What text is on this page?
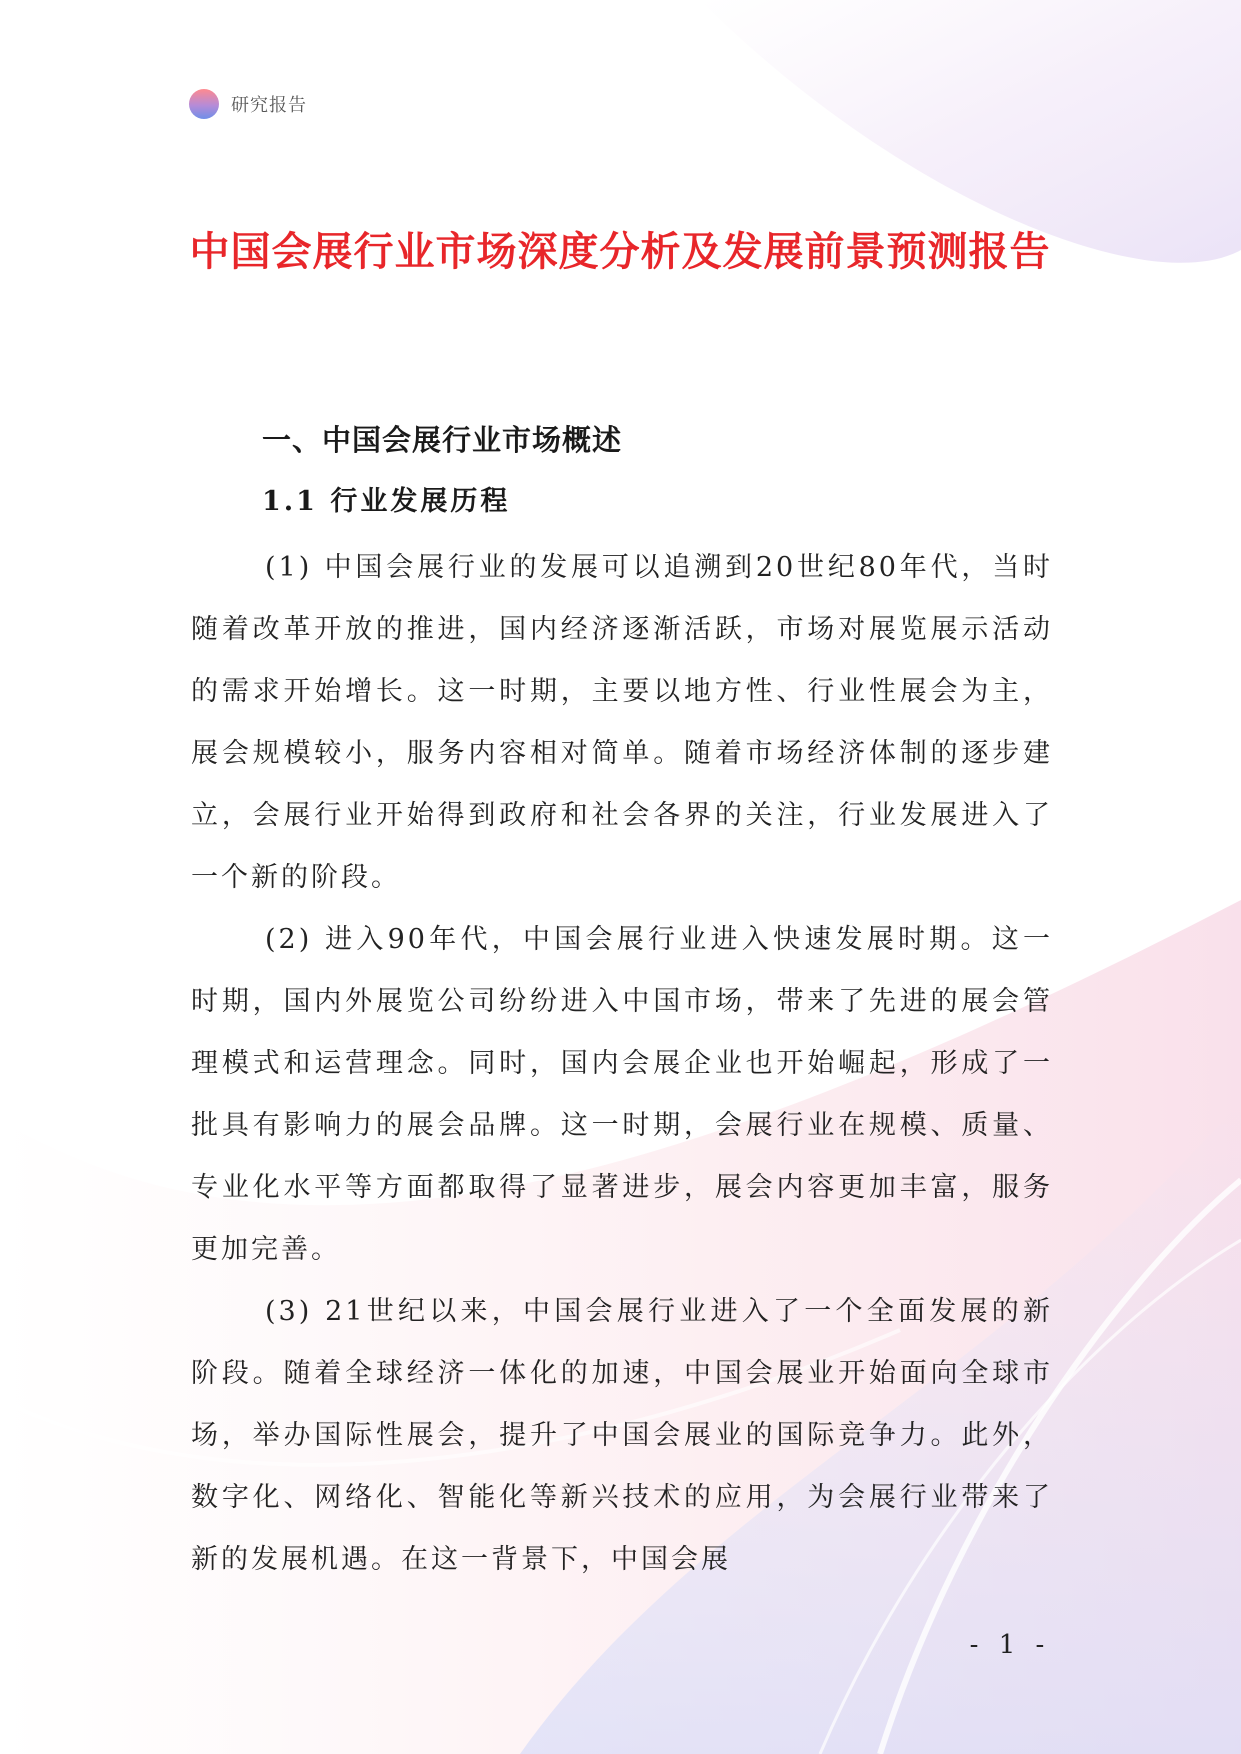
研究报告
中国会展行业市场深度分析及发展前景预测报告
一、中国会展行业市场概述
1.1 行业发展历程

(1) 中国会展行业的发展可以追溯到20世纪80年代，当时随着改革开放的推进，国内经济逐渐活跃，市场对展览展示活动的需求开始增长。这一时期，主要以地方性、行业性展会为主，展会规模较小，服务内容相对简单。随着市场经济体制的逐步建立，会展行业开始得到政府和社会各界的关注，行业发展进入了一个新的阶段。

(2) 进入90年代，中国会展行业进入快速发展时期。这一时期，国内外展览公司纷纷进入中国市场，带来了先进的展会管理模式和运营理念。同时，国内会展企业也开始崛起，形成了一批具有影响力的展会品牌。这一时期，会展行业在规模、质量、专业化水平等方面都取得了显著进步，展会内容更加丰富，服务更加完善。

(3) 21世纪以来，中国会展行业进入了一个全面发展的新阶段。随着全球经济一体化的加速，中国会展业开始面向全球市场，举办国际性展会，提升了中国会展业的国际竞争力。此外，数字化、网络化、智能化等新兴技术的应用，为会展行业带来了新的发展机遇。在这一背景下，中国会展

- 1 -
